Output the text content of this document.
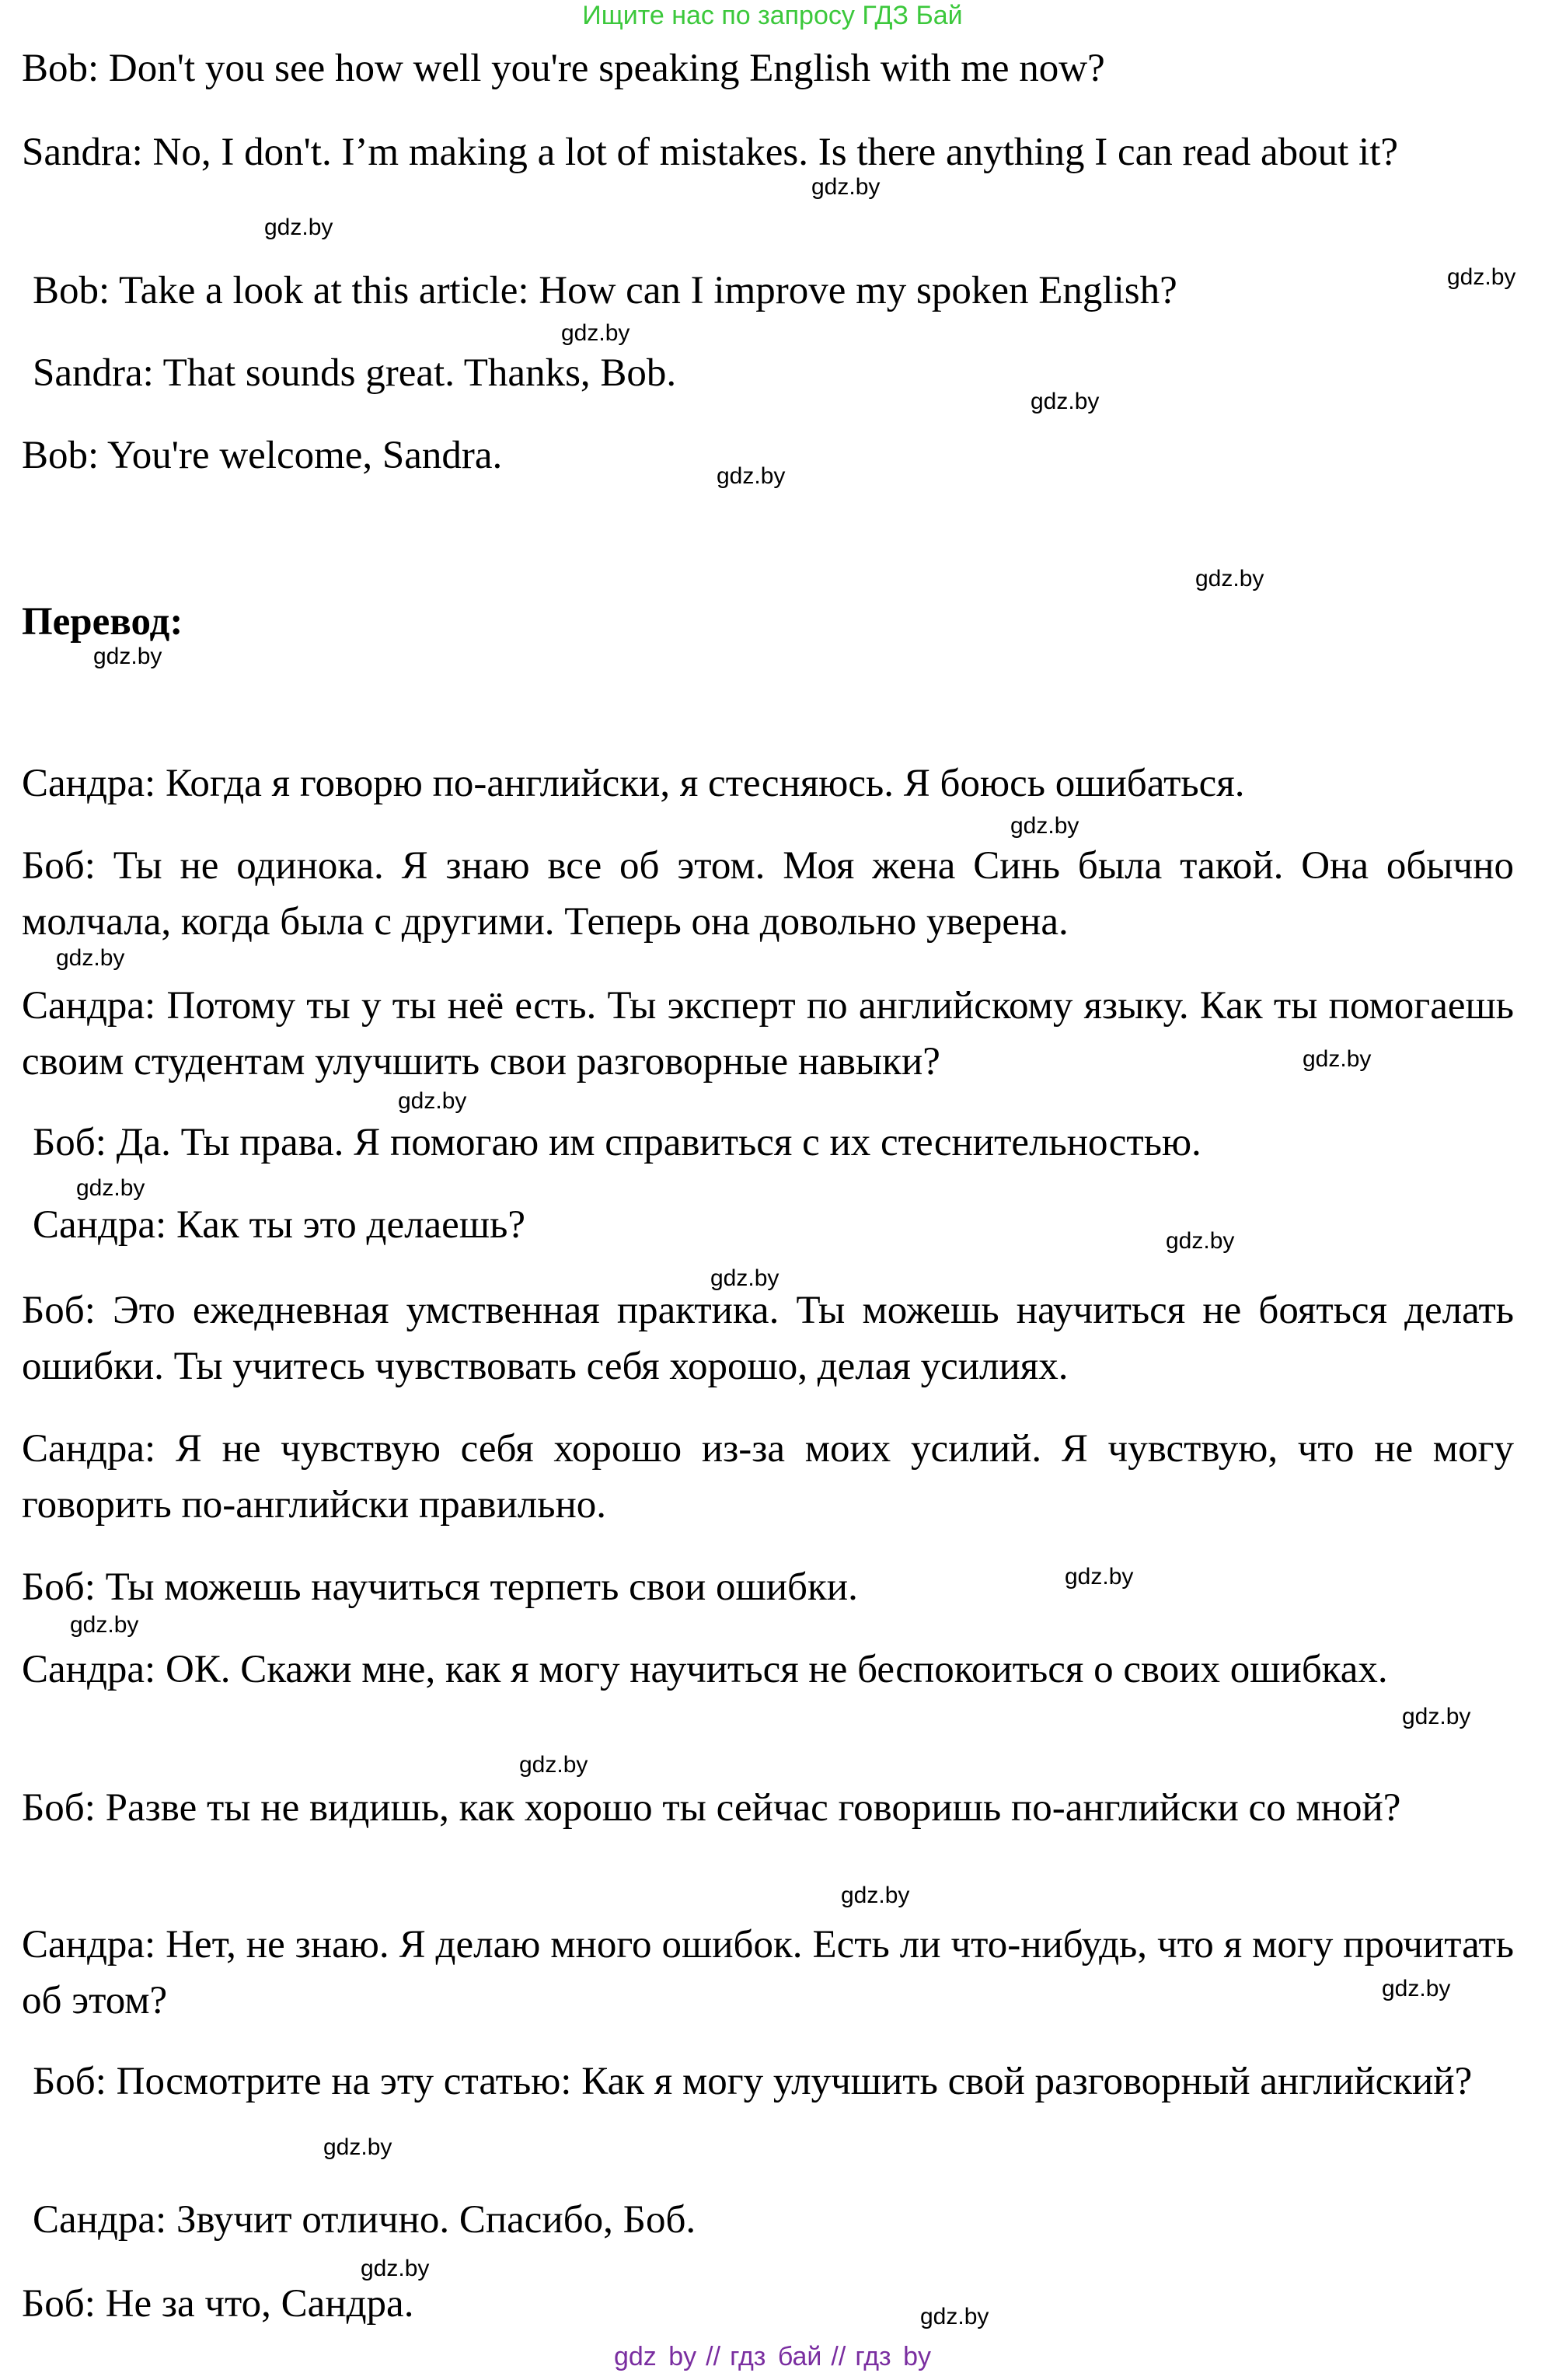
Ищите нас по запросу ГДЗ Бай

Bob: Don't you see how well you're speaking English with me now?

Sandra: No, I don't. I’m making a lot of mistakes. Is there anything I can read about it?

Bob: Take a look at this article: How can I improve my spoken English?

Sandra: That sounds great. Thanks, Bob.

Bob: You're welcome, Sandra.

Перевод:

Сандра: Когда я говорю по-английски, я стесняюсь. Я боюсь ошибаться.

Боб: Ты не одинока. Я знаю все об этом. Моя жена Синь была такой. Она обычно молчала, когда была с другими. Теперь она довольно уверена.

Сандра: Потому ты у ты неё есть. Ты эксперт по английскому языку. Как ты помогаешь своим студентам улучшить свои разговорные навыки?

Боб: Да. Ты права. Я помогаю им справиться с их стеснительностью.

Сандра: Как ты это делаешь?

Боб: Это ежедневная умственная практика. Ты можешь научиться не бояться делать ошибки. Ты учитесь чувствовать себя хорошо, делая усилиях.

Сандра: Я не чувствую себя хорошо из-за моих усилий. Я чувствую, что не могу говорить по-английски правильно.

Боб: Ты можешь научиться терпеть свои ошибки.

Сандра: ОК. Скажи мне, как я могу научиться не беспокоиться о своих ошибках.

Боб: Разве ты не видишь, как хорошо ты сейчас говоришь по-английски со мной?

Сандра: Нет, не знаю. Я делаю много ошибок. Есть ли что-нибудь, что я могу прочитать об этом?

Боб: Посмотрите на эту статью: Как я могу улучшить свой разговорный английский?

Сандра: Звучит отлично. Спасибо, Боб.

Боб: Не за что, Сандра.

gdz.by
gdz.by
gdz.by
gdz.by
gdz.by
gdz.by
gdz.by
gdz.by
gdz.by
gdz.by
gdz.by
gdz.by
gdz.by
gdz.by
gdz.by
gdz.by
gdz.by
gdz.by
gdz.by
gdz.by
gdz.by
gdz.by
gdz.by
gdz.by
gdz by // гдз бай // гдз by
